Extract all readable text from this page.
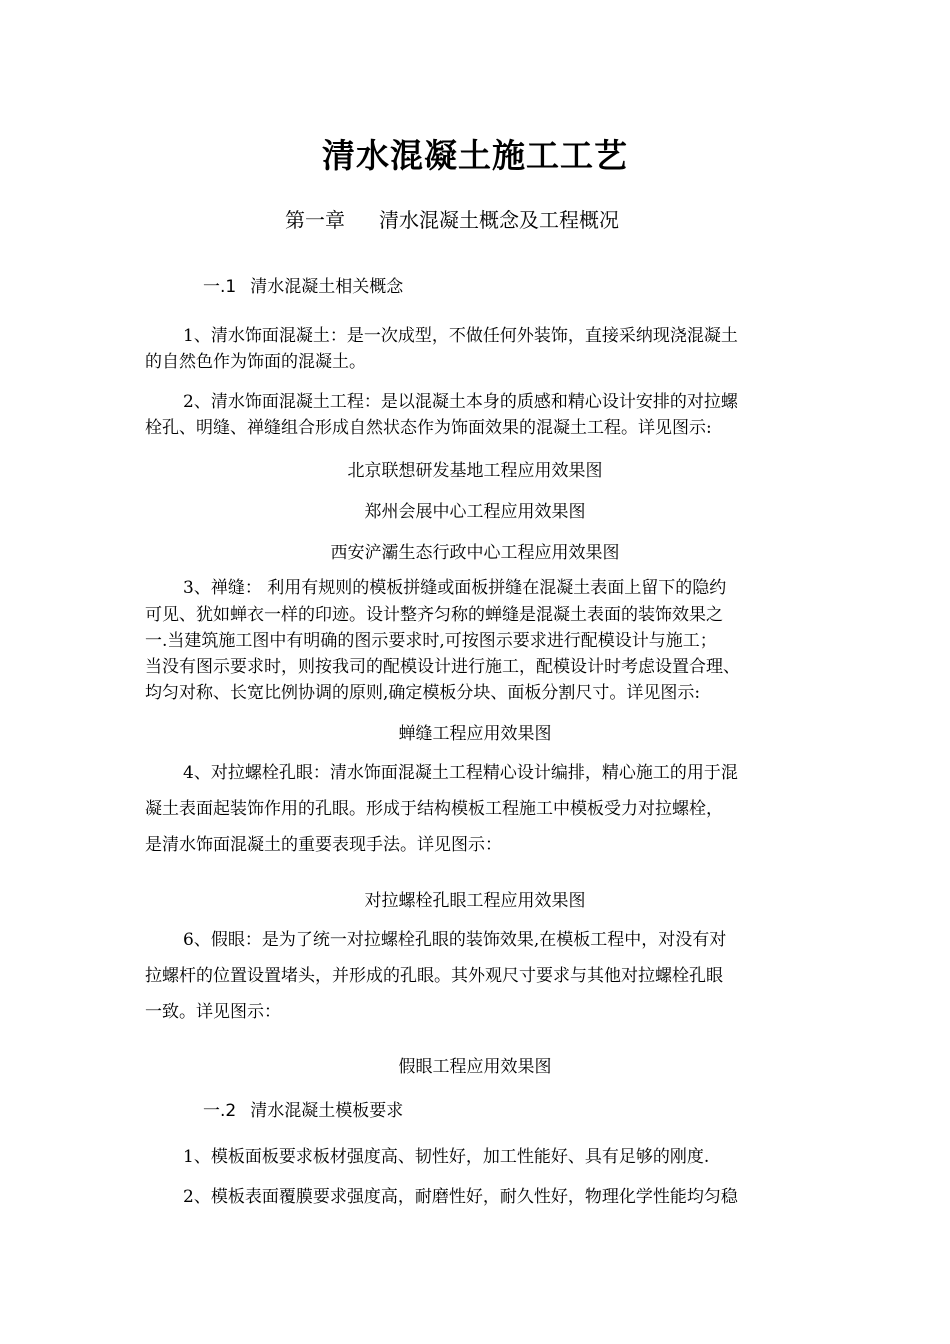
清水混凝土施工工艺
第一章 清水混凝土概念及工程概况
一.1 清水混凝土相关概念
1、清水饰面混凝土：是一次成型，不做任何外装饰，直接采纳现浇混凝土
的自然色作为饰面的混凝土。
2、清水饰面混凝土工程：是以混凝土本身的质感和精心设计安排的对拉螺
栓孔、明缝、禅缝组合形成自然状态作为饰面效果的混凝土工程。详见图示:
北京联想研发基地工程应用效果图
郑州会展中心工程应用效果图
西安浐灞生态行政中心工程应用效果图
3、禅缝： 利用有规则的模板拼缝或面板拼缝在混凝土表面上留下的隐约
可见、犹如蝉衣一样的印迹。设计整齐匀称的蝉缝是混凝土表面的装饰效果之
一.当建筑施工图中有明确的图示要求时,可按图示要求进行配模设计与施工；
当没有图示要求时，则按我司的配模设计进行施工，配模设计时考虑设置合理、
均匀对称、长宽比例协调的原则,确定模板分块、面板分割尺寸。详见图示:
蝉缝工程应用效果图
4、对拉螺栓孔眼：清水饰面混凝土工程精心设计编排，精心施工的用于混
凝土表面起装饰作用的孔眼。形成于结构模板工程施工中模板受力对拉螺栓，
是清水饰面混凝土的重要表现手法。详见图示：
对拉螺栓孔眼工程应用效果图
6、假眼：是为了统一对拉螺栓孔眼的装饰效果,在模板工程中，对没有对
拉螺杆的位置设置堵头，并形成的孔眼。其外观尺寸要求与其他对拉螺栓孔眼
一致。详见图示：
假眼工程应用效果图
一.2 清水混凝土模板要求
1、模板面板要求板材强度高、韧性好，加工性能好、具有足够的刚度.
2、模板表面覆膜要求强度高，耐磨性好，耐久性好，物理化学性能均匀稳
